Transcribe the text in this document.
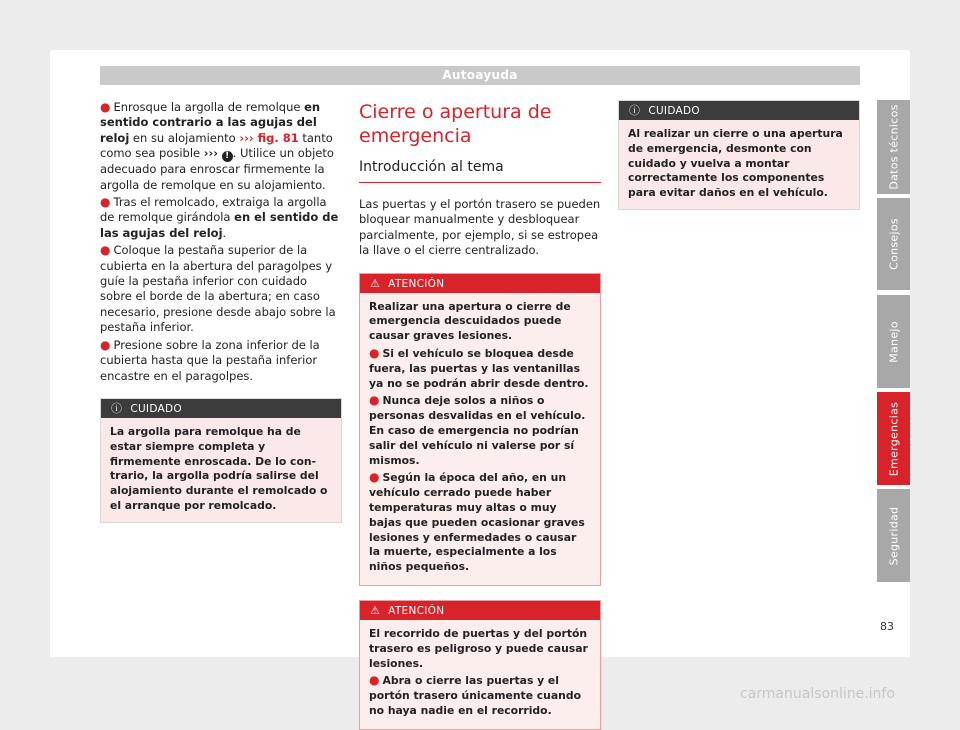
Autoayuda

● Enrosque la argolla de remolque en sentido contrario a las agujas del reloj en su alojamiento ››› fig. 81 tanto como sea posible ››› ! . Utilice un objeto adecuado para enroscar firmemente la argolla de remolque en su alojamiento.

● Tras el remolcado, extraiga la argolla de remolque girándola en el sentido de las agujas del reloj.

● Coloque la pestaña superior de la cubierta en la abertura del paragolpes y guíe la pestaña inferior con cuidado sobre el borde de la abertura; en caso necesario, presione desde abajo sobre la pestaña inferior.

● Presione sobre la zona inferior de la cubierta hasta que la pestaña inferior encastre en el paragolpes.

ⓘ CUIDADO
La argolla para remolque ha de estar siempre completa y firmemente enroscada. De lo contrario, la argolla podría salirse del alojamiento durante el remolcado o el arranque por remolcado.
Cierre o apertura de emergencia
Introducción al tema

Las puertas y el portón trasero se pueden bloquear manualmente y desbloquear parcialmente, por ejemplo, si se estropea la llave o el cierre centralizado.

⚠ ATENCIÓN

Realizar una apertura o cierre de emergencia descuidados puede causar graves lesiones.

● Si el vehículo se bloquea desde fuera, las puertas y las ventanillas ya no se podrán abrir desde dentro.

● Nunca deje solos a niños o personas desvalidas en el vehículo. En caso de emergencia no podrían salir del vehículo ni valerse por sí mismos.

● Según la época del año, en un vehículo cerrado puede haber temperaturas muy altas o muy bajas que pueden ocasionar graves lesiones y enfermedades o causar la muerte, especialmente a los niños pequeños.

⚠ ATENCIÓN

El recorrido de puertas y del portón trasero es peligroso y puede causar lesiones.

● Abra o cierre las puertas y el portón trasero únicamente cuando no haya nadie en el recorrido.

ⓘ CUIDADO
Al realizar un cierre o una apertura de emergencia, desmonte con cuidado y vuelva a montar correctamente los componentes para evitar daños en el vehículo.
Datos técnicos
Consejos
Manejo
Emergencias
Seguridad
83
carmanualsonline.info
